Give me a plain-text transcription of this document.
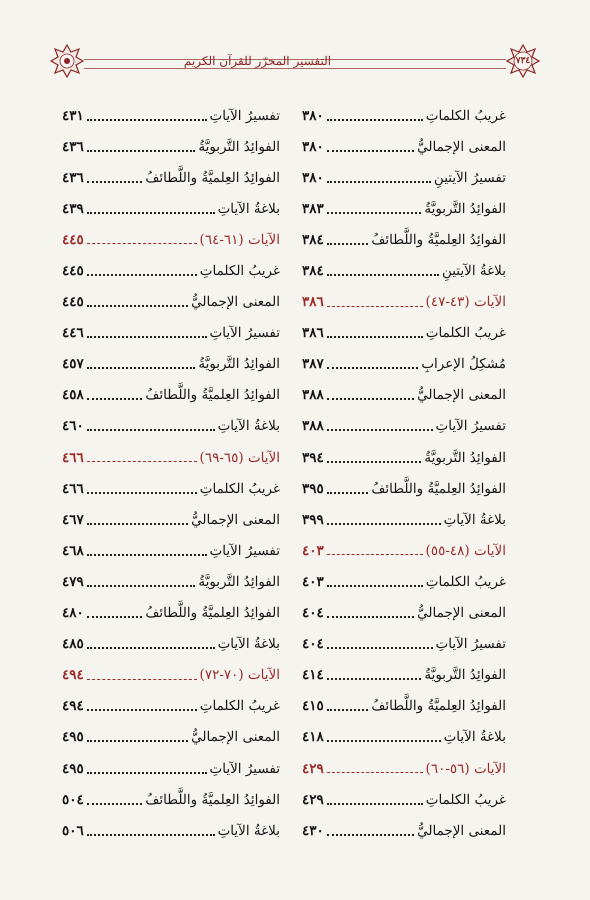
٧٣٤
التفسير المحرّر للقرآن الكريم
غريبُ الكلماتِ
٣٨٠
المعنى الإجماليُّ
٣٨٠
تفسيرُ الآيتينِ
٣٨٠
الفوائِدُ التَّربويَّةُ
٣٨٣
الفوائِدُ العِلميَّةُ واللَّطائفُ
٣٨٤
بلاغةُ الآيتينِ
٣٨٤
الآيات (٤٣-٤٧)
٣٨٦
غريبُ الكلماتِ
٣٨٦
مُشكِلُ الإعرابِ
٣٨٧
المعنى الإجماليُّ
٣٨٨
تفسيرُ الآياتِ
٣٨٨
الفوائِدُ التَّربويَّةُ
٣٩٤
الفوائِدُ العِلميَّةُ واللَّطائفُ
٣٩٥
بلاغةُ الآياتِ
٣٩٩
الآيات (٤٨-٥٥)
٤٠٣
غريبُ الكلماتِ
٤٠٣
المعنى الإجماليُّ
٤٠٤
تفسيرُ الآياتِ
٤٠٤
الفوائِدُ التَّربويَّةُ
٤١٤
الفوائِدُ العِلميَّةُ واللَّطائفُ
٤١٥
بلاغةُ الآياتِ
٤١٨
الآيات (٥٦-٦٠)
٤٢٩
غريبُ الكلماتِ
٤٢٩
المعنى الإجماليُّ
٤٣٠
تفسيرُ الآياتِ
٤٣١
الفوائِدُ التَّربويَّةُ
٤٣٦
الفوائِدُ العِلميَّةُ واللَّطائفُ
٤٣٦
بلاغةُ الآياتِ
٤٣٩
الآيات (٦١-٦٤)
٤٤٥
غريبُ الكلماتِ
٤٤٥
المعنى الإجماليُّ
٤٤٥
تفسيرُ الآياتِ
٤٤٦
الفوائِدُ التَّربويَّةُ
٤٥٧
الفوائِدُ العِلميَّةُ واللَّطائفُ
٤٥٨
بلاغةُ الآياتِ
٤٦٠
الآيات (٦٥-٦٩)
٤٦٦
غريبُ الكلماتِ
٤٦٦
المعنى الإجماليُّ
٤٦٧
تفسيرُ الآياتِ
٤٦٨
الفوائِدُ التَّربويَّةُ
٤٧٩
الفوائِدُ العِلميَّةُ واللَّطائفُ
٤٨٠
بلاغةُ الآياتِ
٤٨٥
الآيات (٧٠-٧٢)
٤٩٤
غريبُ الكلماتِ
٤٩٤
المعنى الإجماليُّ
٤٩٥
تفسيرُ الآياتِ
٤٩٥
الفوائِدُ العِلميَّةُ واللَّطائفُ
٥٠٤
بلاغةُ الآياتِ
٥٠٦
